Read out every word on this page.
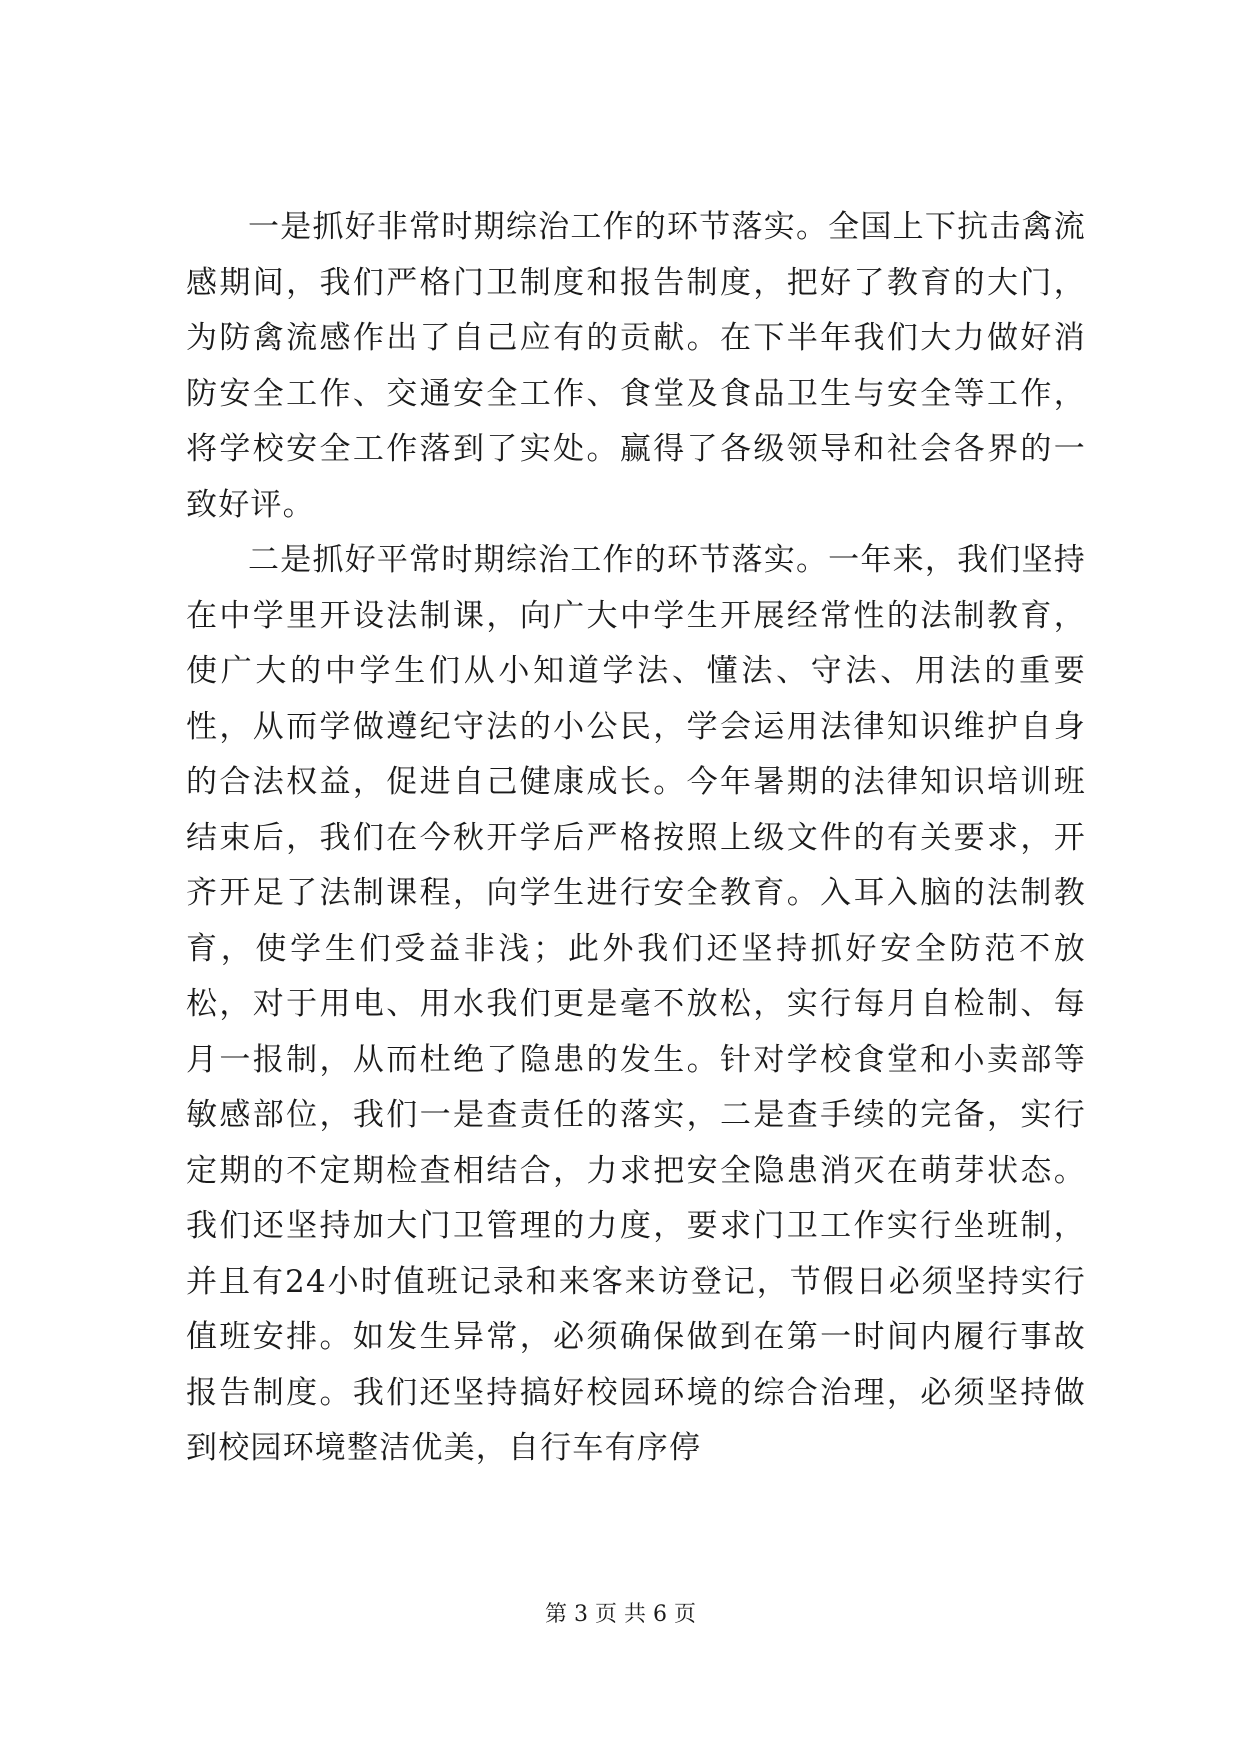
一是抓好非常时期综治工作的环节落实。全国上下抗击禽流感期间，我们严格门卫制度和报告制度，把好了教育的大门，为防禽流感作出了自己应有的贡献。在下半年我们大力做好消防安全工作、交通安全工作、食堂及食品卫生与安全等工作，将学校安全工作落到了实处。赢得了各级领导和社会各界的一致好评。

二是抓好平常时期综治工作的环节落实。一年来，我们坚持在中学里开设法制课，向广大中学生开展经常性的法制教育，使广大的中学生们从小知道学法、懂法、守法、用法的重要性，从而学做遵纪守法的小公民，学会运用法律知识维护自身的合法权益，促进自己健康成长。今年暑期的法律知识培训班结束后，我们在今秋开学后严格按照上级文件的有关要求，开齐开足了法制课程，向学生进行安全教育。入耳入脑的法制教育，使学生们受益非浅；此外我们还坚持抓好安全防范不放松，对于用电、用水我们更是毫不放松，实行每月自检制、每月一报制，从而杜绝了隐患的发生。针对学校食堂和小卖部等敏感部位，我们一是查责任的落实，二是查手续的完备，实行定期的不定期检查相结合，力求把安全隐患消灭在萌芽状态。我们还坚持加大门卫管理的力度，要求门卫工作实行坐班制，并且有24小时值班记录和来客来访登记，节假日必须坚持实行值班安排。如发生异常，必须确保做到在第一时间内履行事故报告制度。我们还坚持搞好校园环境的综合治理，必须坚持做到校园环境整洁优美，自行车有序停

第 3 页 共 6 页
